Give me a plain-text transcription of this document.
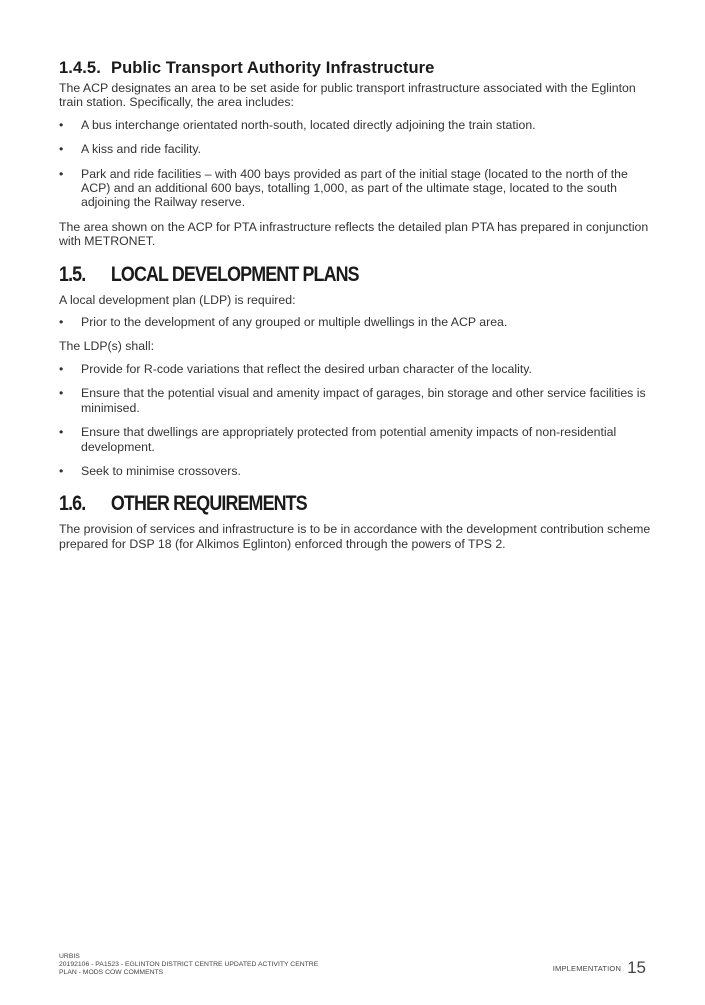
1.4.5. Public Transport Authority Infrastructure

The ACP designates an area to be set aside for public transport infrastructure associated with the Eglinton train station. Specifically, the area includes:

•	A bus interchange orientated north-south, located directly adjoining the train station.
•	A kiss and ride facility.
•	Park and ride facilities – with 400 bays provided as part of the initial stage (located to the north of the ACP) and an additional 600 bays, totalling 1,000, as part of the ultimate stage, located to the south adjoining the Railway reserve.

The area shown on the ACP for PTA infrastructure reflects the detailed plan PTA has prepared in conjunction with METRONET.

1.5. LOCAL DEVELOPMENT PLANS

A local development plan (LDP) is required:

•	Prior to the development of any grouped or multiple dwellings in the ACP area.

The LDP(s) shall:

•	Provide for R-code variations that reflect the desired urban character of the locality.
•	Ensure that the potential visual and amenity impact of garages, bin storage and other service facilities is minimised.
•	Ensure that dwellings are appropriately protected from potential amenity impacts of non-residential development.
•	Seek to minimise crossovers.
1.6. OTHER REQUIREMENTS

The provision of services and infrastructure is to be in accordance with the development contribution scheme prepared for DSP 18 (for Alkimos Eglinton) enforced through the powers of TPS 2.

URBIS
20192106 - PA1523 - EGLINTON DISTRICT CENTRE UPDATED ACTIVITY CENTRE
PLAN - MODS COW COMMENTS	IMPLEMENTATION 15
